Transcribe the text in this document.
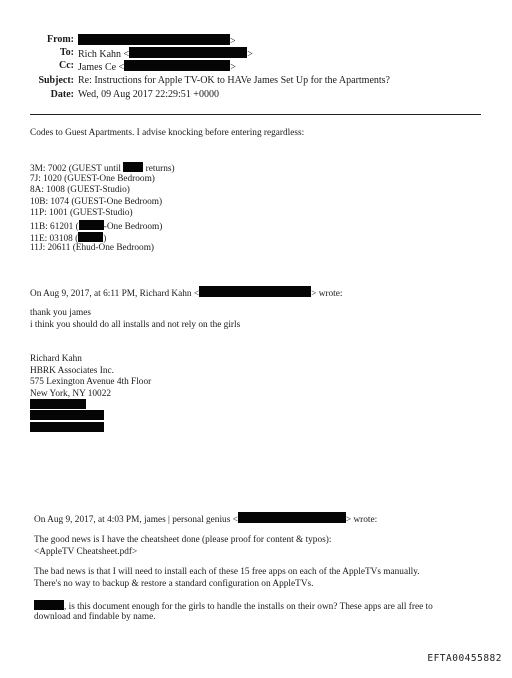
From:	>
To: Rich Kahn <	>
Cc: James Ce <	>
Subject: Re: Instructions for Apple TV-OK to HAVe James Set Up for the Apartments?
Date: Wed, 09 Aug 2017 22:29:51 +0000
Codes to Guest Apartments. I advise knocking before entering regardless:
3M: 7002 (GUEST until  returns)
7J: 1020 (GUEST-One Bedroom)
8A: 1008 (GUEST-Studio)
10B: 1074 (GUEST-One Bedroom)
11P: 1001 (GUEST-Studio)
11B: 61201 (	-One Bedroom)
11E: 03108 (	)
11J: 20611 (Ehud-One Bedroom)
On Aug 9, 2017, at 6:11 PM, Richard Kahn <	> wrote:
thank you james
i think you should do all installs and not rely on the girls
Richard Kahn
HBRK Associates Inc.
575 Lexington Avenue 4th Floor
New York, NY 10022
On Aug 9, 2017, at 4:03 PM, james | personal genius <	> wrote:
The good news is I have the cheatsheet done (please proof for content & typos):
<AppleTV Cheatsheet.pdf>
The bad news is that I will need to install each of these 15 free apps on each of the AppleTVs manually.
There's no way to backup & restore a standard configuration on AppleTVs.
, is this document enough for the girls to handle the installs on their own? These apps are all free to
download and findable by name.
EFTA00455882
